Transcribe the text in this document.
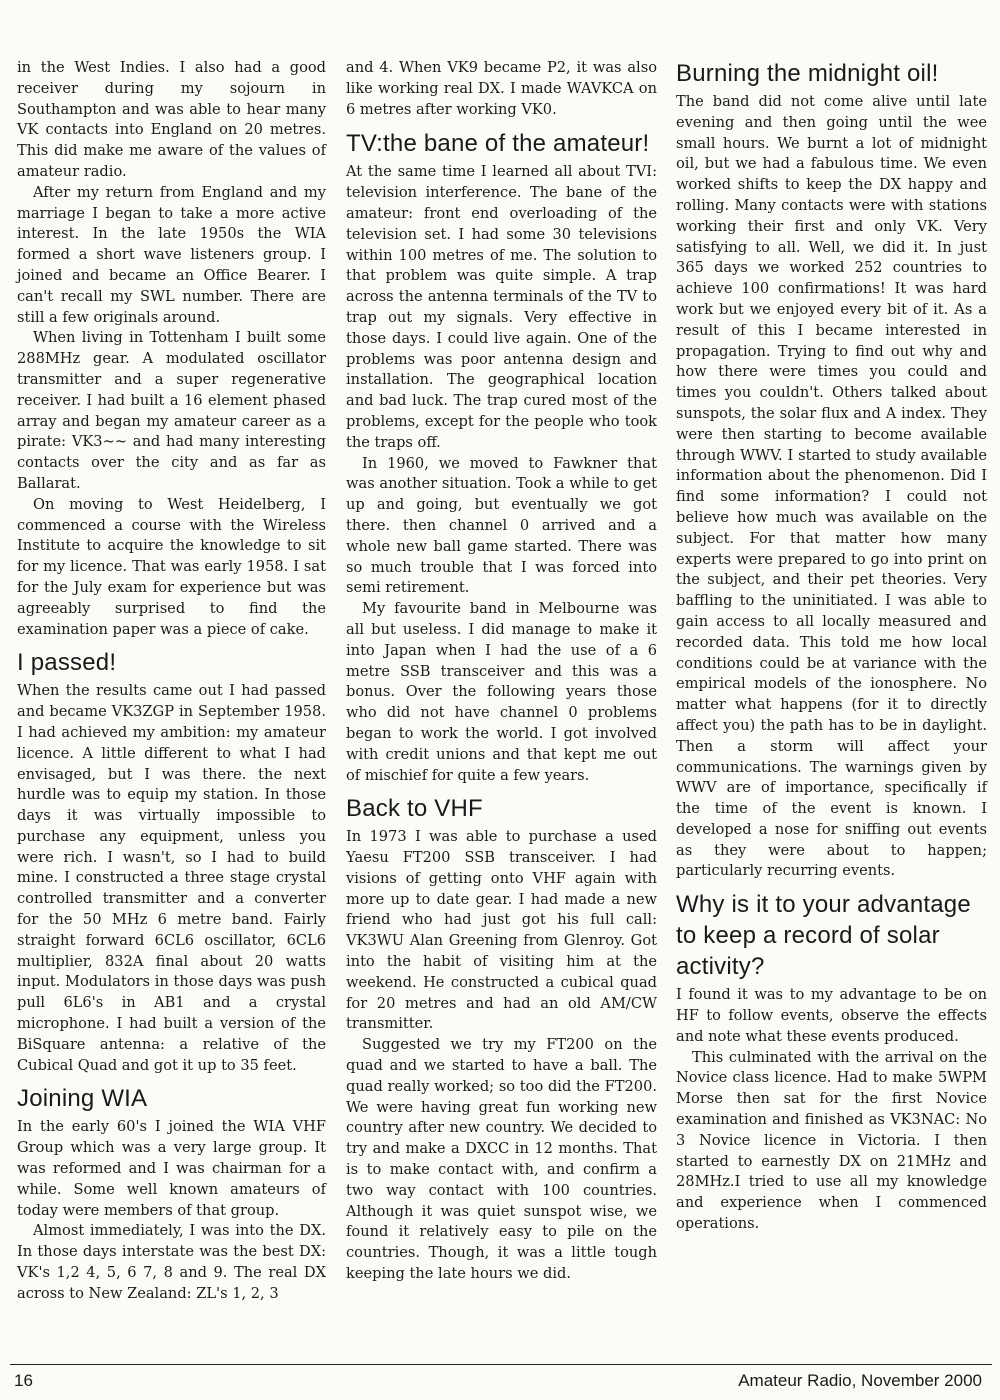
in the West Indies. I also had a good receiver during my sojourn in Southampton and was able to hear many VK contacts into England on 20 metres. This did make me aware of the values of amateur radio.

After my return from England and my marriage I began to take a more active interest. In the late 1950s the WIA formed a short wave listeners group. I joined and became an Office Bearer. I can't recall my SWL number. There are still a few originals around.

When living in Tottenham I built some 288MHz gear. A modulated oscillator transmitter and a super regenerative receiver. I had built a 16 element phased array and began my amateur career as a pirate: VK3~~ and had many interesting contacts over the city and as far as Ballarat.

On moving to West Heidelberg, I commenced a course with the Wireless Institute to acquire the knowledge to sit for my licence. That was early 1958. I sat for the July exam for experience but was agreeably surprised to find the examination paper was a piece of cake.

I passed!

When the results came out I had passed and became VK3ZGP in September 1958. I had achieved my ambition: my amateur licence. A little different to what I had envisaged, but I was there. the next hurdle was to equip my station. In those days it was virtually impossible to purchase any equipment, unless you were rich. I wasn't, so I had to build mine. I constructed a three stage crystal controlled transmitter and a converter for the 50 MHz 6 metre band. Fairly straight forward 6CL6 oscillator, 6CL6 multiplier, 832A final about 20 watts input. Modulators in those days was push pull 6L6's in AB1 and a crystal microphone. I had built a version of the BiSquare antenna: a relative of the Cubical Quad and got it up to 35 feet.

Joining WIA

In the early 60's I joined the WIA VHF Group which was a very large group. It was reformed and I was chairman for a while. Some well known amateurs of today were members of that group.

Almost immediately, I was into the DX. In those days interstate was the best DX: VK's 1,2 4, 5, 6 7, 8 and 9. The real DX across to New Zealand: ZL's 1, 2, 3

and 4. When VK9 became P2, it was also like working real DX. I made WAVKCA on 6 metres after working VK0.

TV:the bane of the amateur!

At the same time I learned all about TVI: television interference. The bane of the amateur: front end overloading of the television set. I had some 30 televisions within 100 metres of me. The solution to that problem was quite simple. A trap across the antenna terminals of the TV to trap out my signals. Very effective in those days. I could live again. One of the problems was poor antenna design and installation. The geographical location and bad luck. The trap cured most of the problems, except for the people who took the traps off.

In 1960, we moved to Fawkner that was another situation. Took a while to get up and going, but eventually we got there. then channel 0 arrived and a whole new ball game started. There was so much trouble that I was forced into semi retirement.

My favourite band in Melbourne was all but useless. I did manage to make it into Japan when I had the use of a 6 metre SSB transceiver and this was a bonus. Over the following years those who did not have channel 0 problems began to work the world. I got involved with credit unions and that kept me out of mischief for quite a few years.

Back to VHF

In 1973 I was able to purchase a used Yaesu FT200 SSB transceiver. I had visions of getting onto VHF again with more up to date gear. I had made a new friend who had just got his full call: VK3WU Alan Greening from Glenroy. Got into the habit of visiting him at the weekend. He constructed a cubical quad for 20 metres and had an old AM/CW transmitter.

Suggested we try my FT200 on the quad and we started to have a ball. The quad really worked; so too did the FT200. We were having great fun working new country after new country. We decided to try and make a DXCC in 12 months. That is to make contact with, and confirm a two way contact with 100 countries. Although it was quiet sunspot wise, we found it relatively easy to pile on the countries. Though, it was a little tough keeping the late hours we did.

Burning the midnight oil!

The band did not come alive until late evening and then going until the wee small hours. We burnt a lot of midnight oil, but we had a fabulous time. We even worked shifts to keep the DX happy and rolling. Many contacts were with stations working their first and only VK. Very satisfying to all. Well, we did it. In just 365 days we worked 252 countries to achieve 100 confirmations! It was hard work but we enjoyed every bit of it. As a result of this I became interested in propagation. Trying to find out why and how there were times you could and times you couldn't. Others talked about sunspots, the solar flux and A index. They were then starting to become available through WWV. I started to study available information about the phenomenon. Did I find some information? I could not believe how much was available on the subject. For that matter how many experts were prepared to go into print on the subject, and their pet theories. Very baffling to the uninitiated. I was able to gain access to all locally measured and recorded data. This told me how local conditions could be at variance with the empirical models of the ionosphere. No matter what happens (for it to directly affect you) the path has to be in daylight. Then a storm will affect your communications. The warnings given by WWV are of importance, specifically if the time of the event is known. I developed a nose for sniffing out events as they were about to happen; particularly recurring events.

Why is it to your advantage to keep a record of solar activity?

I found it was to my advantage to be on HF to follow events, observe the effects and note what these events produced.

This culminated with the arrival on the Novice class licence. Had to make 5WPM Morse then sat for the first Novice examination and finished as VK3NAC: No 3 Novice licence in Victoria. I then started to earnestly DX on 21MHz and 28MHz.I tried to use all my knowledge and experience when I commenced operations.

16	Amateur Radio, November 2000
